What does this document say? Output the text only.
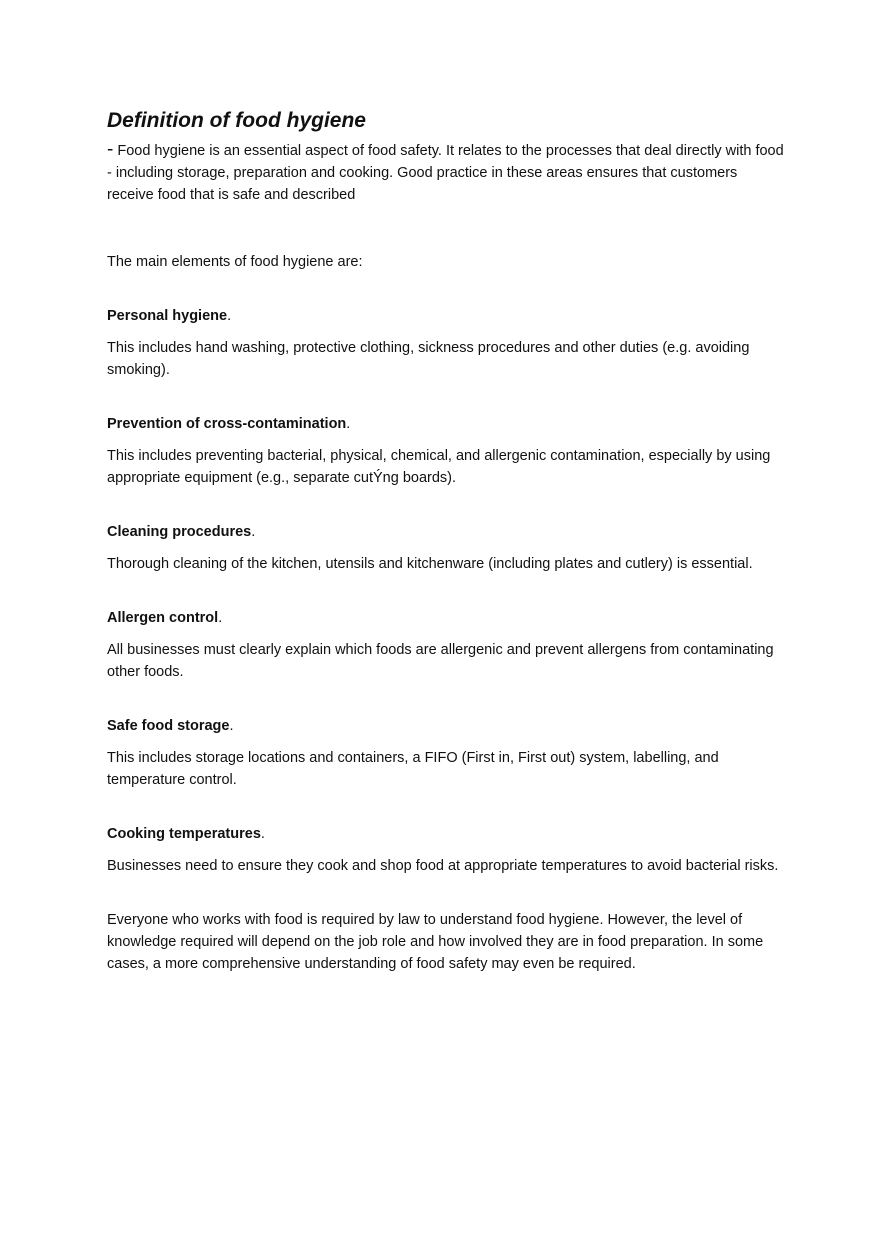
Definition of food hygiene

- Food hygiene is an essential aspect of food safety. It relates to the processes that deal directly with food - including storage, preparation and cooking. Good practice in these areas ensures that customers receive food that is safe and described

The main elements of food hygiene are:

Personal hygiene.

This includes hand washing, protective clothing, sickness procedures and other duties (e.g. avoiding smoking).

Prevention of cross-contamination.

This includes preventing bacterial, physical, chemical, and allergenic contamination, especially by using appropriate equipment (e.g., separate cutÝng boards).

Cleaning procedures.

Thorough cleaning of the kitchen, utensils and kitchenware (including plates and cutlery) is essential.

Allergen control.

All businesses must clearly explain which foods are allergenic and prevent allergens from contaminating other foods.

Safe food storage.

This includes storage locations and containers, a FIFO (First in, First out) system, labelling, and temperature control.

Cooking temperatures.

Businesses need to ensure they cook and shop food at appropriate temperatures to avoid bacterial risks.

Everyone who works with food is required by law to understand food hygiene. However, the level of knowledge required will depend on the job role and how involved they are in food preparation. In some cases, a more comprehensive understanding of food safety may even be required.
